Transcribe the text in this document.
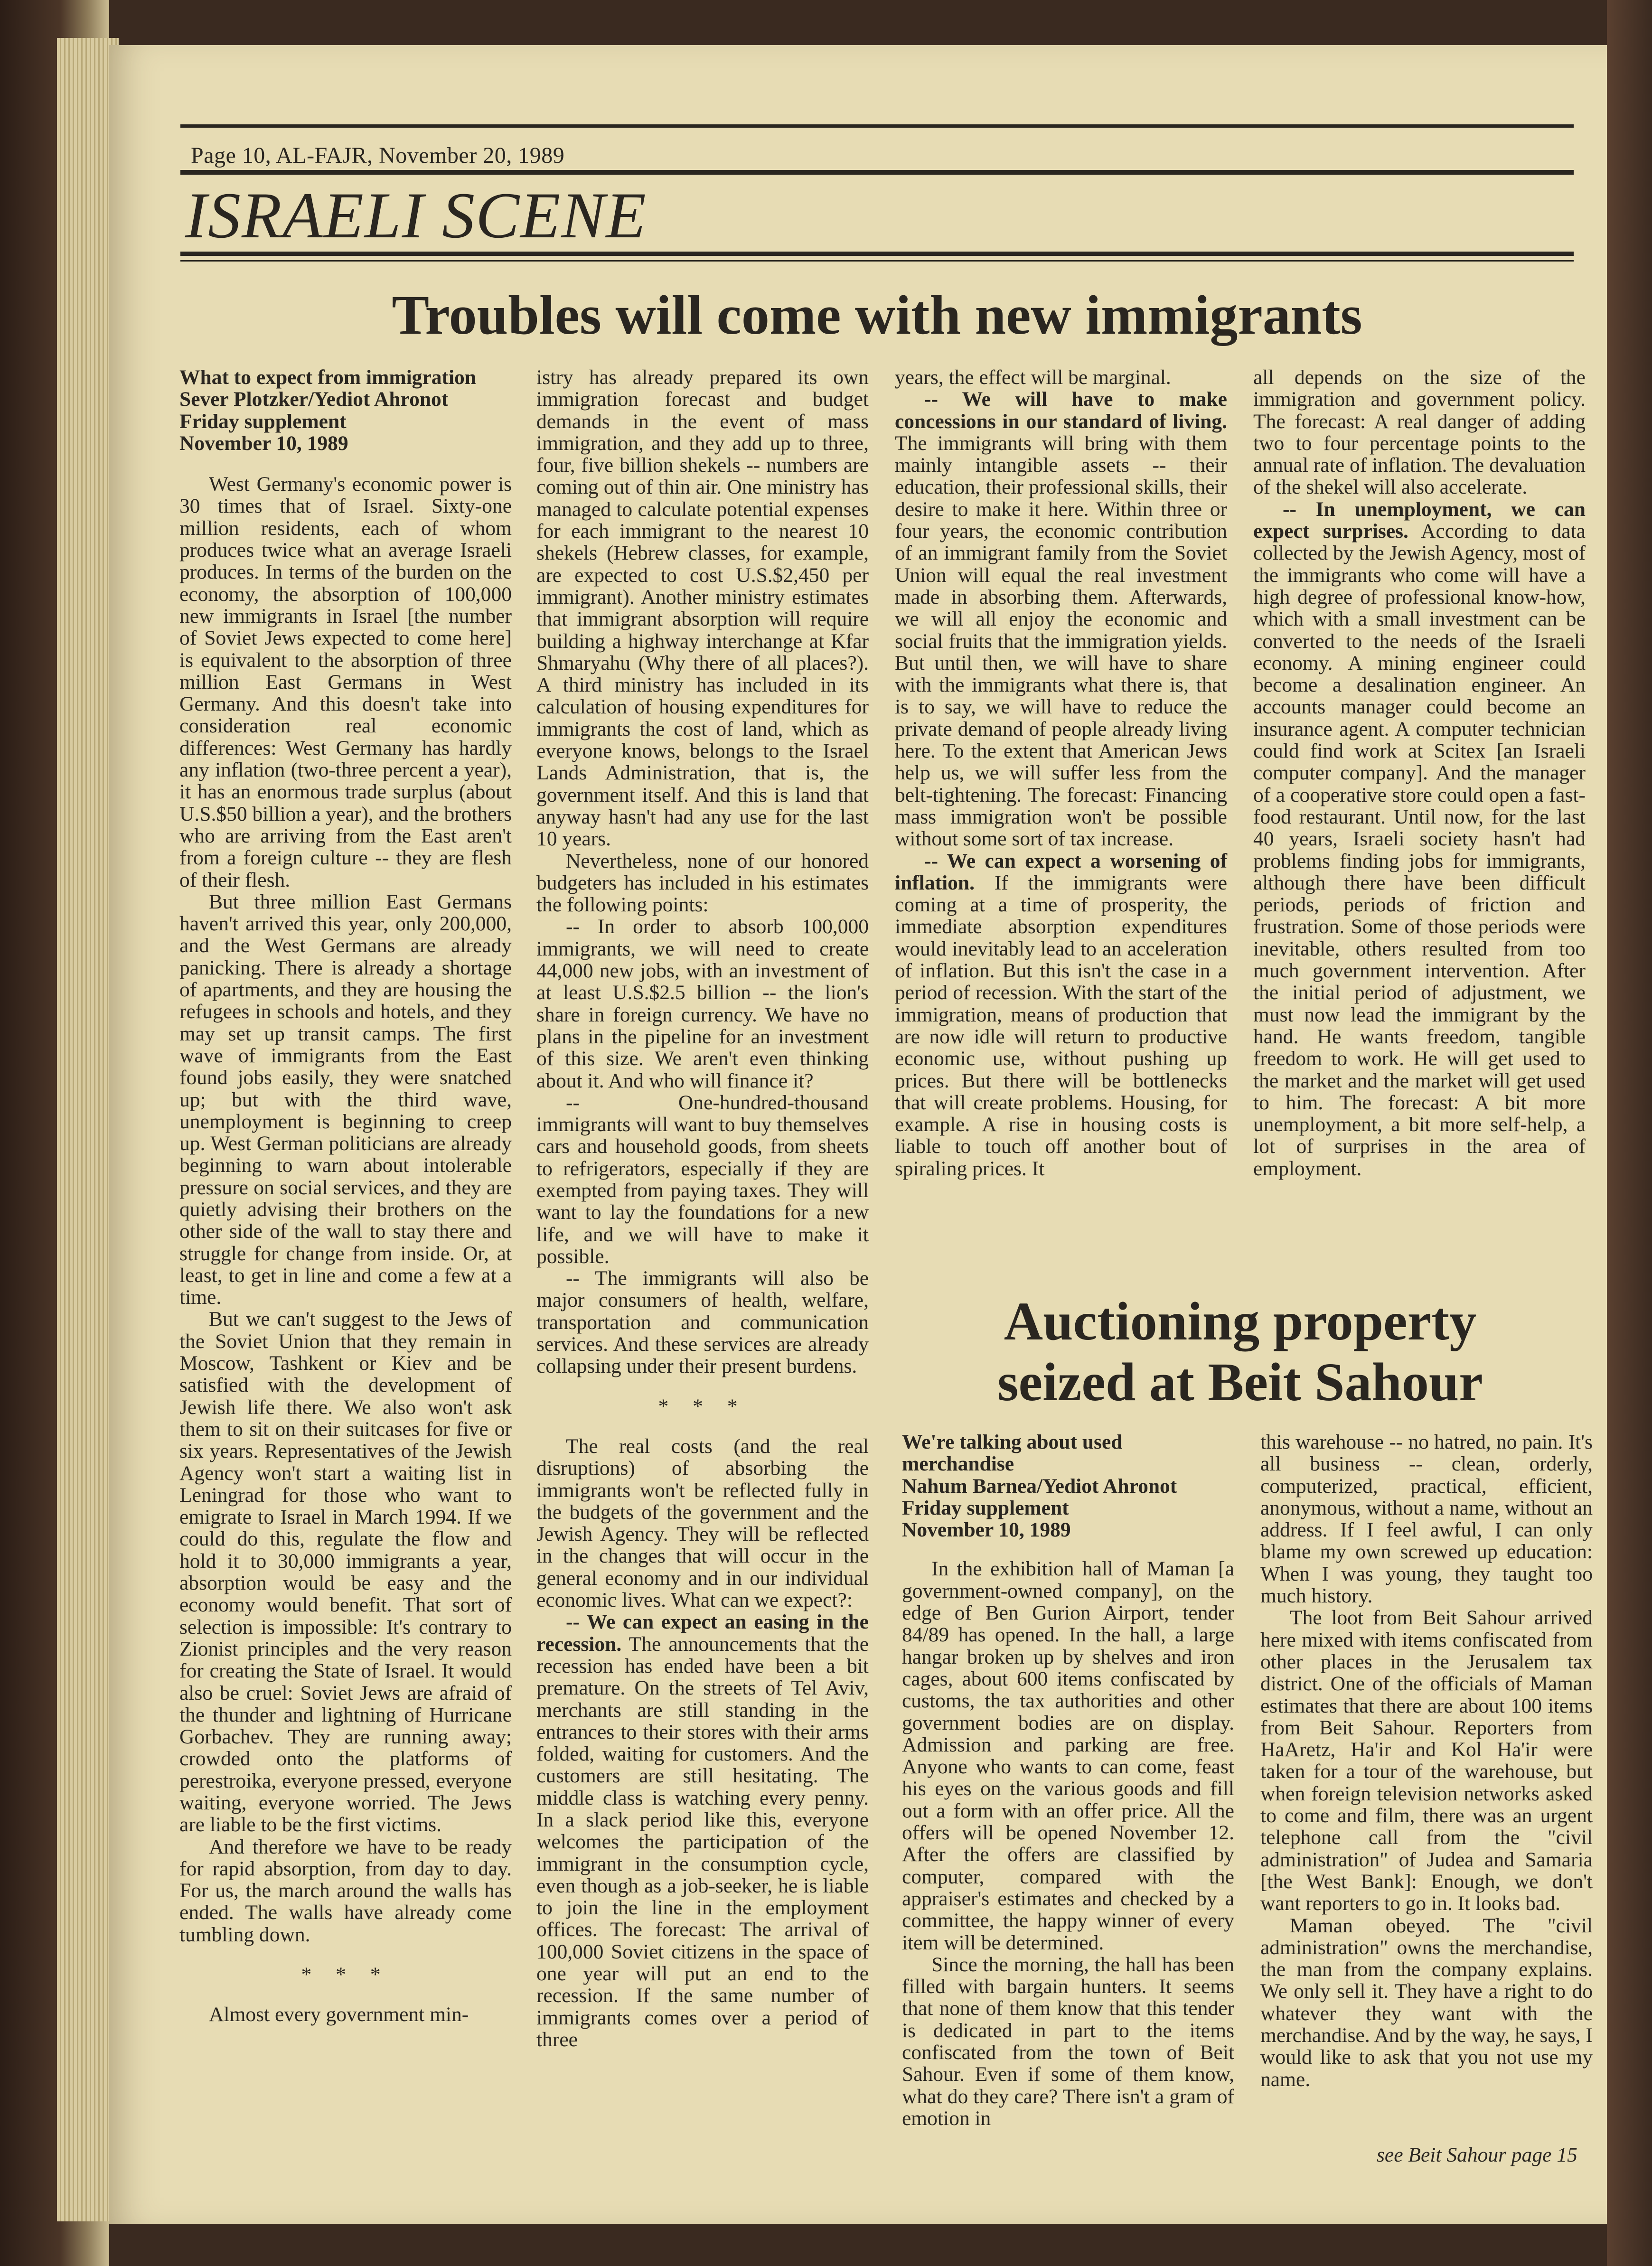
Page 10, AL-FAJR, November 20, 1989
ISRAELI SCENE
Troubles will come with new immigrants
What to expect from immigration
Sever Plotzker/Yediot Ahronot
Friday supplement
November 10, 1989

West Germany's economic power is 30 times that of Israel. Sixty-one million residents, each of whom produces twice what an average Israeli produces. In terms of the burden on the economy, the absorption of 100,000 new immigrants in Israel [the number of Soviet Jews expected to come here] is equivalent to the absorption of three million East Germans in West Germany. And this doesn't take into consideration real economic differences: West Germany has hardly any inflation (two-three percent a year), it has an enormous trade surplus (about U.S.$50 billion a year), and the brothers who are arriving from the East aren't from a foreign culture -- they are flesh of their flesh.

But three million East Germans haven't arrived this year, only 200,000, and the West Germans are already panicking. There is already a shortage of apartments, and they are housing the refugees in schools and hotels, and they may set up transit camps. The first wave of immigrants from the East found jobs easily, they were snatched up; but with the third wave, unemployment is beginning to creep up. West German politicians are already beginning to warn about intolerable pressure on social services, and they are quietly advising their brothers on the other side of the wall to stay there and struggle for change from inside. Or, at least, to get in line and come a few at a time.

But we can't suggest to the Jews of the Soviet Union that they remain in Moscow, Tashkent or Kiev and be satisfied with the development of Jewish life there. We also won't ask them to sit on their suitcases for five or six years. Representatives of the Jewish Agency won't start a waiting list in Leningrad for those who want to emigrate to Israel in March 1994. If we could do this, regulate the flow and hold it to 30,000 immigrants a year, absorption would be easy and the economy would benefit. That sort of selection is impossible: It's contrary to Zionist principles and the very reason for creating the State of Israel. It would also be cruel: Soviet Jews are afraid of the thunder and lightning of Hurricane Gorbachev. They are running away; crowded onto the platforms of perestroika, everyone pressed, everyone waiting, everyone worried. The Jews are liable to be the first victims.

And therefore we have to be ready for rapid absorption, from day to day. For us, the march around the walls has ended. The walls have already come tumbling down.

* * *

Almost every government min-

istry has already prepared its own immigration forecast and budget demands in the event of mass immigration, and they add up to three, four, five billion shekels -- numbers are coming out of thin air. One ministry has managed to calculate potential expenses for each immigrant to the nearest 10 shekels (Hebrew classes, for example, are expected to cost U.S.$2,450 per immigrant). Another ministry estimates that immigrant absorption will require building a highway interchange at Kfar Shmaryahu (Why there of all places?). A third ministry has included in its calculation of housing expenditures for immigrants the cost of land, which as everyone knows, belongs to the Israel Lands Administration, that is, the government itself. And this is land that anyway hasn't had any use for the last 10 years.

Nevertheless, none of our honored budgeters has included in his estimates the following points:

-- In order to absorb 100,000 immigrants, we will need to create 44,000 new jobs, with an investment of at least U.S.$2.5 billion -- the lion's share in foreign currency. We have no plans in the pipeline for an investment of this size. We aren't even thinking about it. And who will finance it?

-- One-hundred-thousand immigrants will want to buy themselves cars and household goods, from sheets to refrigerators, especially if they are exempted from paying taxes. They will want to lay the foundations for a new life, and we will have to make it possible.

-- The immigrants will also be major consumers of health, welfare, transportation and communication services. And these services are already collapsing under their present burdens.

* * *

The real costs (and the real disruptions) of absorbing the immigrants won't be reflected fully in the budgets of the government and the Jewish Agency. They will be reflected in the changes that will occur in the general economy and in our individual economic lives. What can we expect?:

-- We can expect an easing in the recession. The announcements that the recession has ended have been a bit premature. On the streets of Tel Aviv, merchants are still standing in the entrances to their stores with their arms folded, waiting for customers. And the customers are still hesitating. The middle class is watching every penny. In a slack period like this, everyone welcomes the participation of the immigrant in the consumption cycle, even though as a job-seeker, he is liable to join the line in the employment offices. The forecast: The arrival of 100,000 Soviet citizens in the space of one year will put an end to the recession. If the same number of immigrants comes over a period of three

years, the effect will be marginal.

-- We will have to make concessions in our standard of living. The immigrants will bring with them mainly intangible assets -- their education, their professional skills, their desire to make it here. Within three or four years, the economic contribution of an immigrant family from the Soviet Union will equal the real investment made in absorbing them. Afterwards, we will all enjoy the economic and social fruits that the immigration yields. But until then, we will have to share with the immigrants what there is, that is to say, we will have to reduce the private demand of people already living here. To the extent that American Jews help us, we will suffer less from the belt-tightening. The forecast: Financing mass immigration won't be possible without some sort of tax increase.

-- We can expect a worsening of inflation. If the immigrants were coming at a time of prosperity, the immediate absorption expenditures would inevitably lead to an acceleration of inflation. But this isn't the case in a period of recession. With the start of the immigration, means of production that are now idle will return to productive economic use, without pushing up prices. But there will be bottlenecks that will create problems. Housing, for example. A rise in housing costs is liable to touch off another bout of spiraling prices. It

all depends on the size of the immigration and government policy. The forecast: A real danger of adding two to four percentage points to the annual rate of inflation. The devaluation of the shekel will also accelerate.

-- In unemployment, we can expect surprises. According to data collected by the Jewish Agency, most of the immigrants who come will have a high degree of professional know-how, which with a small investment can be converted to the needs of the Israeli economy. A mining engineer could become a desalination engineer. An accounts manager could become an insurance agent. A computer technician could find work at Scitex [an Israeli computer company]. And the manager of a cooperative store could open a fast-food restaurant. Until now, for the last 40 years, Israeli society hasn't had problems finding jobs for immigrants, although there have been difficult periods, periods of friction and frustration. Some of those periods were inevitable, others resulted from too much government intervention. After the initial period of adjustment, we must now lead the immigrant by the hand. He wants freedom, tangible freedom to work. He will get used to the market and the market will get used to him. The forecast: A bit more unemployment, a bit more self-help, a lot of surprises in the area of employment.

Auctioning property
seized at Beit Sahour
We're talking about used merchandise
Nahum Barnea/Yediot Ahronot
Friday supplement
November 10, 1989

In the exhibition hall of Maman [a government-owned company], on the edge of Ben Gurion Airport, tender 84/89 has opened. In the hall, a large hangar broken up by shelves and iron cages, about 600 items confiscated by customs, the tax authorities and other government bodies are on display. Admission and parking are free. Anyone who wants to can come, feast his eyes on the various goods and fill out a form with an offer price. All the offers will be opened November 12. After the offers are classified by computer, compared with the appraiser's estimates and checked by a committee, the happy winner of every item will be determined.

Since the morning, the hall has been filled with bargain hunters. It seems that none of them know that this tender is dedicated in part to the items confiscated from the town of Beit Sahour. Even if some of them know, what do they care? There isn't a gram of emotion in

this warehouse -- no hatred, no pain. It's all business -- clean, orderly, computerized, practical, efficient, anonymous, without a name, without an address. If I feel awful, I can only blame my own screwed up education: When I was young, they taught too much history.

The loot from Beit Sahour arrived here mixed with items confiscated from other places in the Jerusalem tax district. One of the officials of Maman estimates that there are about 100 items from Beit Sahour. Reporters from HaAretz, Ha'ir and Kol Ha'ir were taken for a tour of the warehouse, but when foreign television networks asked to come and film, there was an urgent telephone call from the "civil administration" of Judea and Samaria [the West Bank]: Enough, we don't want reporters to go in. It looks bad.

Maman obeyed. The "civil administration" owns the merchandise, the man from the company explains. We only sell it. They have a right to do whatever they want with the merchandise. And by the way, he says, I would like to ask that you not use my name.

see Beit Sahour page 15
